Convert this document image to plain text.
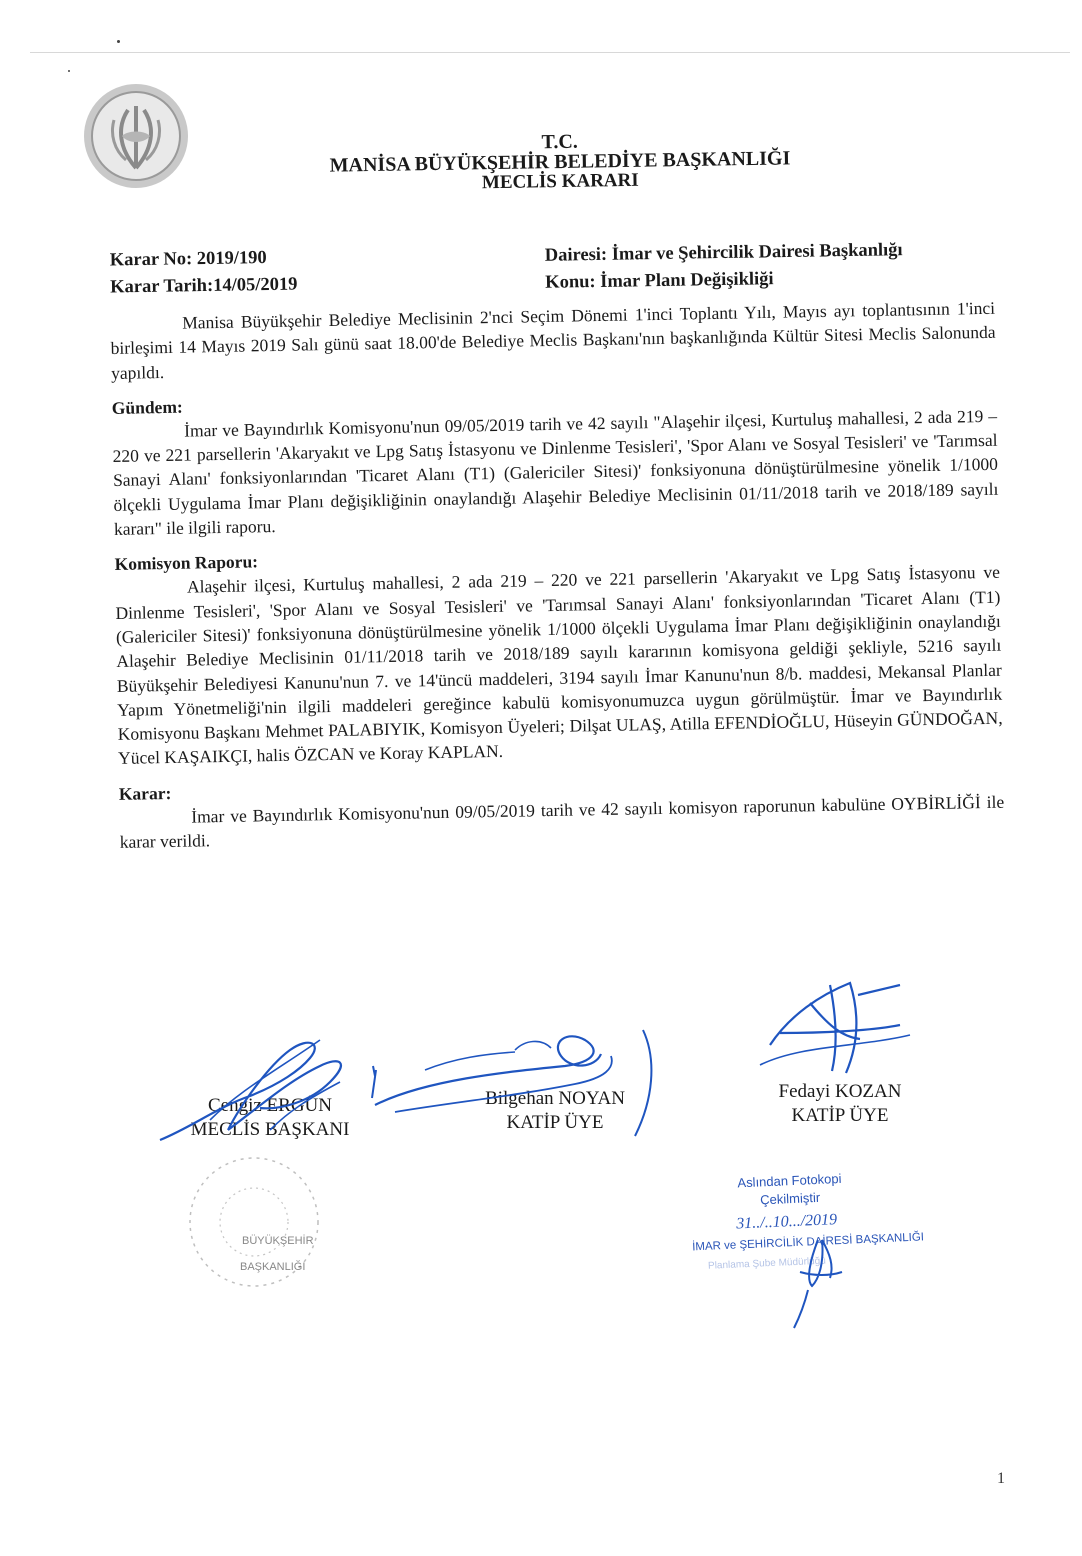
T.C.
MANİSA BÜYÜKŞEHİR BELEDİYE BAŞKANLIĞI
MECLİS KARARI
Karar No: 2019/190
Karar Tarih:14/05/2019
Dairesi: İmar ve Şehircilik Dairesi Başkanlığı
Konu: İmar Planı Değişikliği

Manisa Büyükşehir Belediye Meclisinin 2'nci Seçim Dönemi 1'inci Toplantı Yılı, Mayıs ayı toplantısının 1'inci birleşimi 14 Mayıs 2019 Salı günü saat 18.00'de Belediye Meclis Başkanı'nın başkanlığında Kültür Sitesi Meclis Salonunda yapıldı.

Gündem: İmar ve Bayındırlık Komisyonu'nun 09/05/2019 tarih ve 42 sayılı "Alaşehir ilçesi, Kurtuluş mahallesi, 2 ada 219 – 220 ve 221 parsellerin 'Akaryakıt ve Lpg Satış İstasyonu ve Dinlenme Tesisleri', 'Spor Alanı ve Sosyal Tesisleri' ve 'Tarımsal Sanayi Alanı' fonksiyonlarından 'Ticaret Alanı (T1) (Galericiler Sitesi)' fonksiyonuna dönüştürülmesine yönelik 1/1000 ölçekli Uygulama İmar Planı değişikliğinin onaylandığı Alaşehir Belediye Meclisinin 01/11/2018 tarih ve 2018/189 sayılı kararı" ile ilgili raporu.

Komisyon Raporu:

Alaşehir ilçesi, Kurtuluş mahallesi, 2 ada 219 – 220 ve 221 parsellerin 'Akaryakıt ve Lpg Satış İstasyonu ve Dinlenme Tesisleri', 'Spor Alanı ve Sosyal Tesisleri' ve 'Tarımsal Sanayi Alanı' fonksiyonlarından 'Ticaret Alanı (T1) (Galericiler Sitesi)' fonksiyonuna dönüştürülmesine yönelik 1/1000 ölçekli Uygulama İmar Planı değişikliğinin onaylandığı Alaşehir Belediye Meclisinin 01/11/2018 tarih ve 2018/189 sayılı kararının komisyona geldiği şekliyle, 5216 sayılı Büyükşehir Belediyesi Kanunu'nun 7. ve 14'üncü maddeleri, 3194 sayılı İmar Kanunu'nun 8/b. maddesi, Mekansal Planlar Yapım Yönetmeliği'nin ilgili maddeleri gereğince kabulü komisyonumuzca uygun görülmüştür. İmar ve Bayındırlık Komisyonu Başkanı Mehmet PALABIYIK, Komisyon Üyeleri; Dilşat ULAŞ, Atilla EFENDİOĞLU, Hüseyin GÜNDOĞAN, Yücel KAŞAIKÇI, halis ÖZCAN ve Koray KAPLAN.

Karar:	İmar ve Bayındırlık Komisyonu'nun 09/05/2019 tarih ve 42 sayılı komisyon raporunun kabulüne OYBİRLİĞİ ile karar verildi.

Cengiz ERGÜN
MECLİS BAŞKANI
Bilgehan NOYAN
KATİP ÜYE
Fedayi KOZAN
KATİP ÜYE
BÜYÜKŞEHİR
BAŞKANLIĞI
Aslından Fotokopi
Çekilmiştir
31../..10.../2019
İMAR ve ŞEHİRCİLİK DAİRESİ BAŞKANLIĞI
Planlama Şube Müdürlüğü
1
